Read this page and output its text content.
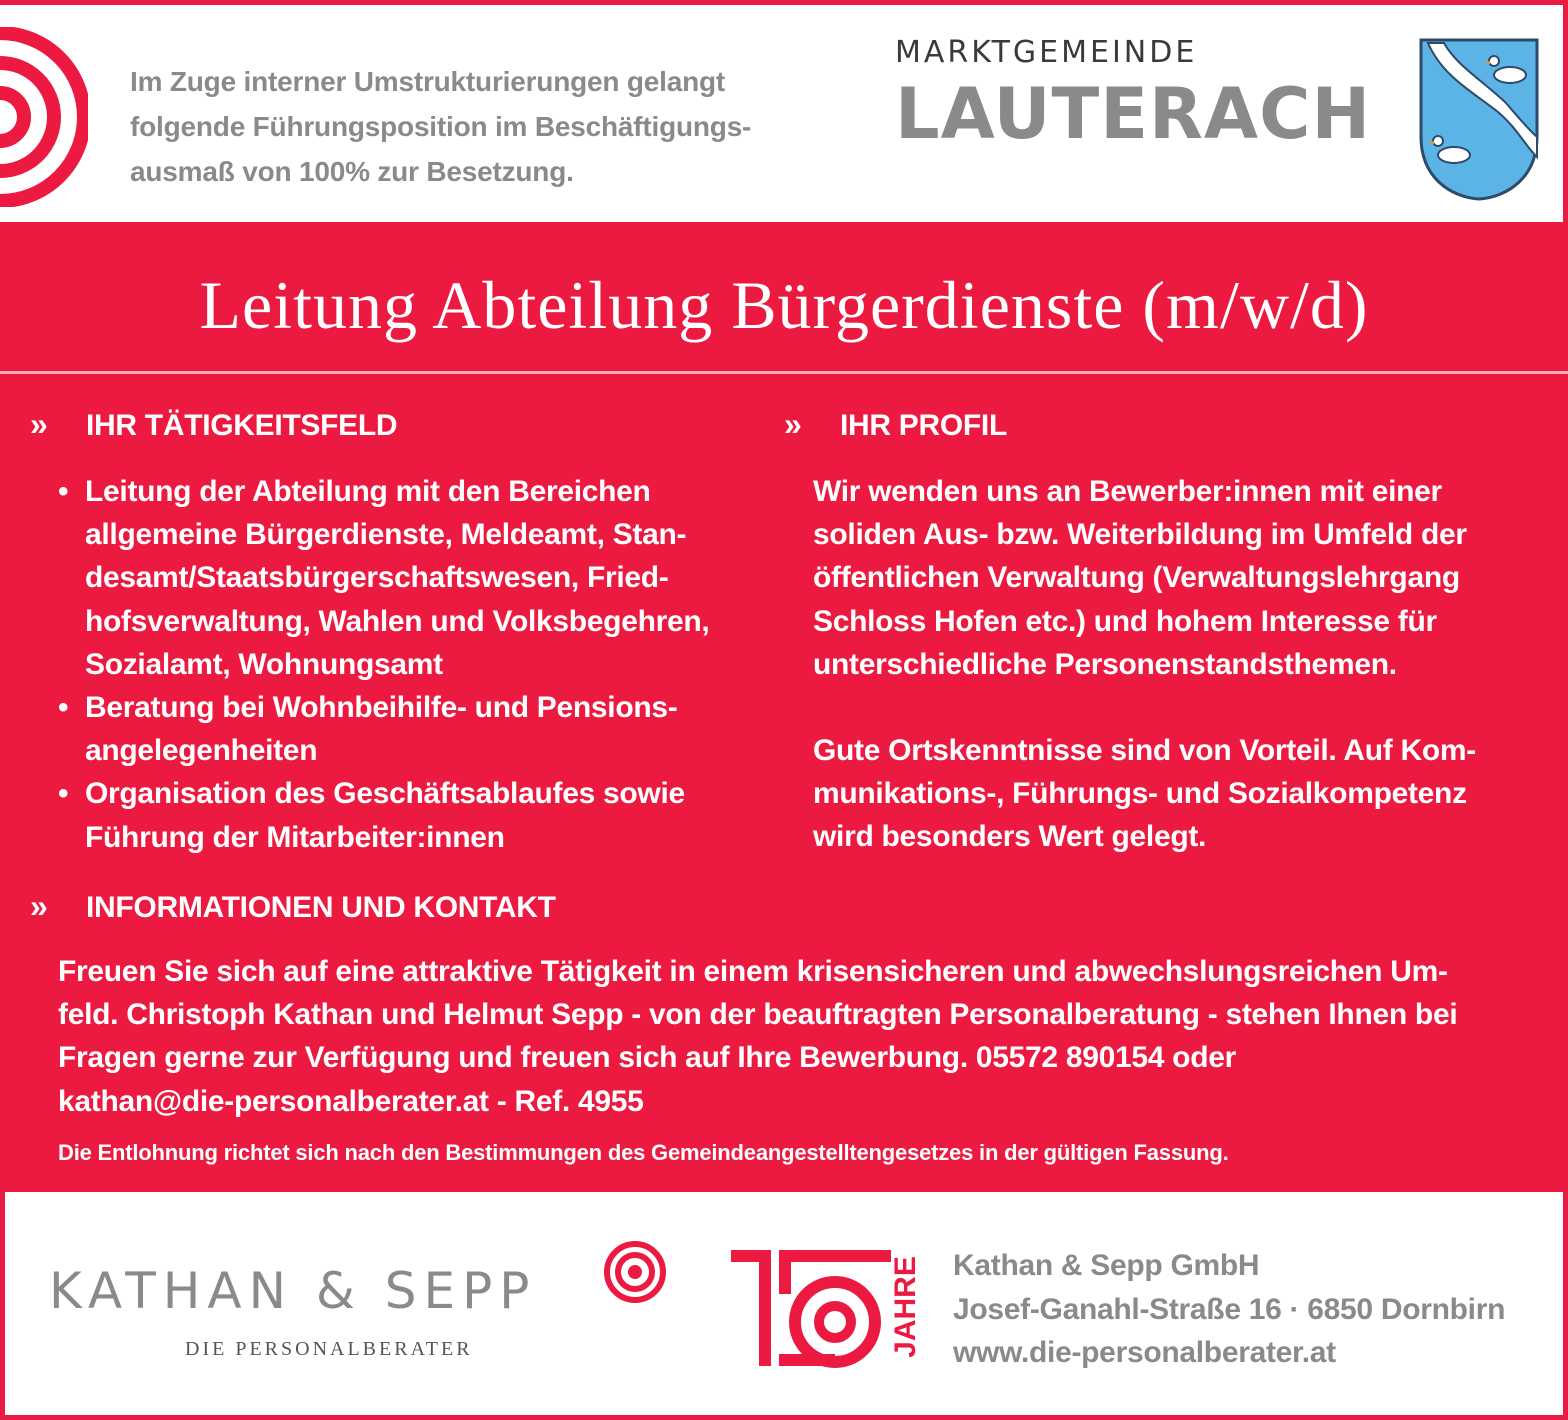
Im Zuge interner Umstrukturierungen gelangt
folgende Führungsposition im Beschäftigungs-
ausmaß von 100% zur Besetzung.
MARKTGEMEINDE
LAUTERACH
Leitung Abteilung Bürgerdienste (m/w/d)
» IHR TÄTIGKEITSFELD
• Leitung der Abteilung mit den Bereichen
allgemeine Bürgerdienste, Meldeamt, Stan-
desamt/Staatsbürgerschaftswesen, Fried-
hofsverwaltung, Wahlen und Volksbegehren,
Sozialamt, Wohnungsamt
• Beratung bei Wohnbeihilfe- und Pensions-
angelegenheiten
• Organisation des Geschäftsablaufes sowie
Führung der Mitarbeiter:innen
» IHR PROFIL

Wir wenden uns an Bewerber:innen mit einer
soliden Aus- bzw. Weiterbildung im Umfeld der
öffentlichen Verwaltung (Verwaltungslehrgang
Schloss Hofen etc.) und hohem Interesse für
unterschiedliche Personenstandsthemen.

Gute Ortskenntnisse sind von Vorteil. Auf Kom-
munikations-, Führungs- und Sozialkompetenz
wird besonders Wert gelegt.

» INFORMATIONEN UND KONTAKT
Freuen Sie sich auf eine attraktive Tätigkeit in einem krisensicheren und abwechslungsreichen Um-
feld. Christoph Kathan und Helmut Sepp - von der beauftragten Personalberatung - stehen Ihnen bei
Fragen gerne zur Verfügung und freuen sich auf Ihre Bewerbung. 05572 890154 oder
kathan@die-personalberater.at - Ref. 4955
Die Entlohnung richtet sich nach den Bestimmungen des Gemeindeangestelltengesetzes in der gültigen Fassung.
KATHAN & SEPP
DIE PERSONALBERATER	JAHRE Kathan & Sepp GmbH
Josef-Ganahl-Straße 16 · 6850 Dornbirn
www.die-personalberater.at
